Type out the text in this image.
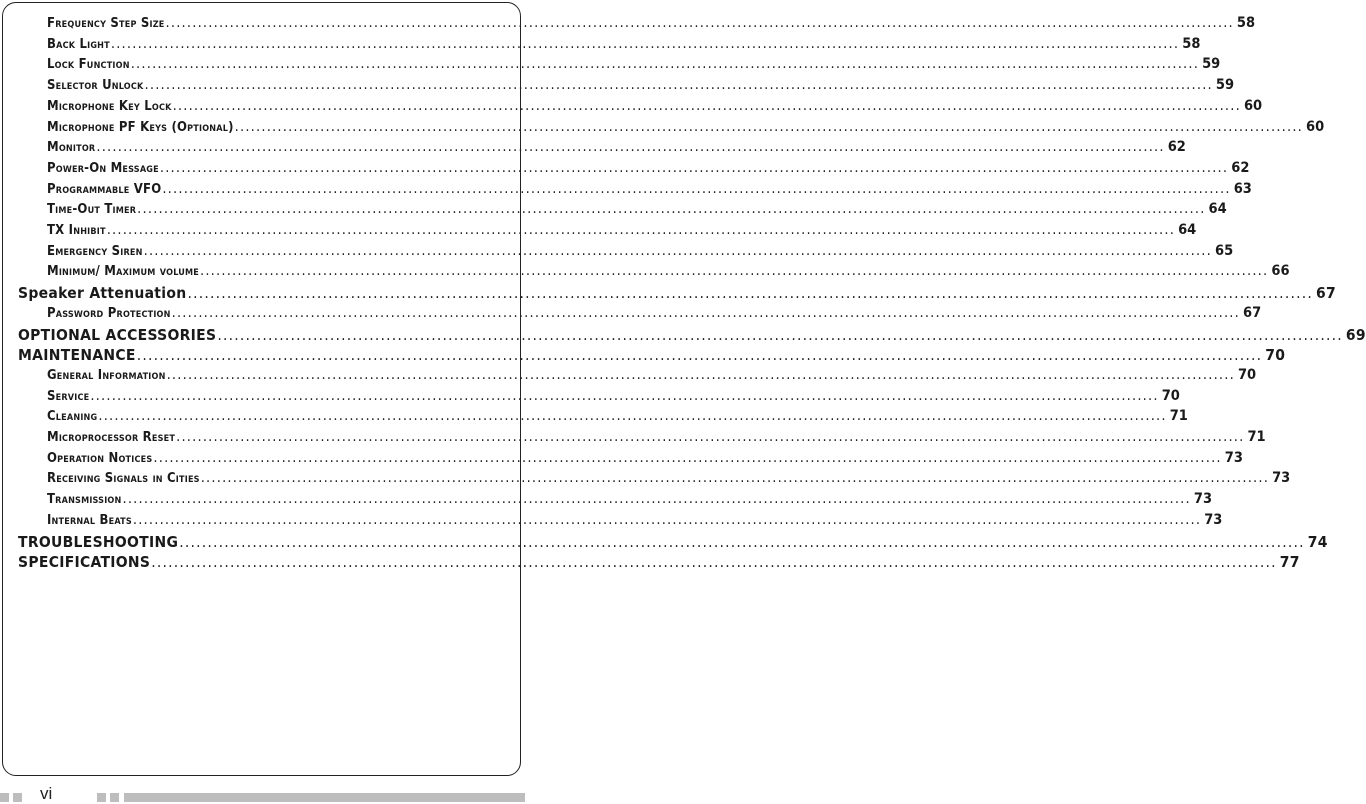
Frequency Step Size ........................................................................................................................................................................................................ 58
Back Light ........................................................................................................................................................................................................ 58
Lock Function ........................................................................................................................................................................................................ 59
Selector Unlock ........................................................................................................................................................................................................ 59
Microphone Key Lock ........................................................................................................................................................................................................ 60
Microphone PF Keys (Optional) ........................................................................................................................................................................................................ 60
Monitor ........................................................................................................................................................................................................ 62
Power-On Message ........................................................................................................................................................................................................ 62
Programmable VFO ........................................................................................................................................................................................................ 63
Time-Out Timer ........................................................................................................................................................................................................ 64
TX Inhibit ........................................................................................................................................................................................................ 64
Emergency Siren ........................................................................................................................................................................................................ 65
Minimum/ Maximum volume ........................................................................................................................................................................................................ 66
Speaker Attenuation ........................................................................................................................................................................................................ 67
Password Protection ........................................................................................................................................................................................................ 67
OPTIONAL ACCESSORIES ........................................................................................................................................................................................................ 69
MAINTENANCE ........................................................................................................................................................................................................ 70
General Information ........................................................................................................................................................................................................ 70
Service ........................................................................................................................................................................................................ 70
Cleaning ........................................................................................................................................................................................................ 71
Microprocessor Reset ........................................................................................................................................................................................................ 71
Operation Notices ........................................................................................................................................................................................................ 73
Receiving Signals in Cities ........................................................................................................................................................................................................ 73
Transmission ........................................................................................................................................................................................................ 73
Internal Beats ........................................................................................................................................................................................................ 73
TROUBLESHOOTING ........................................................................................................................................................................................................ 74
SPECIFICATIONS ........................................................................................................................................................................................................ 77
vi
